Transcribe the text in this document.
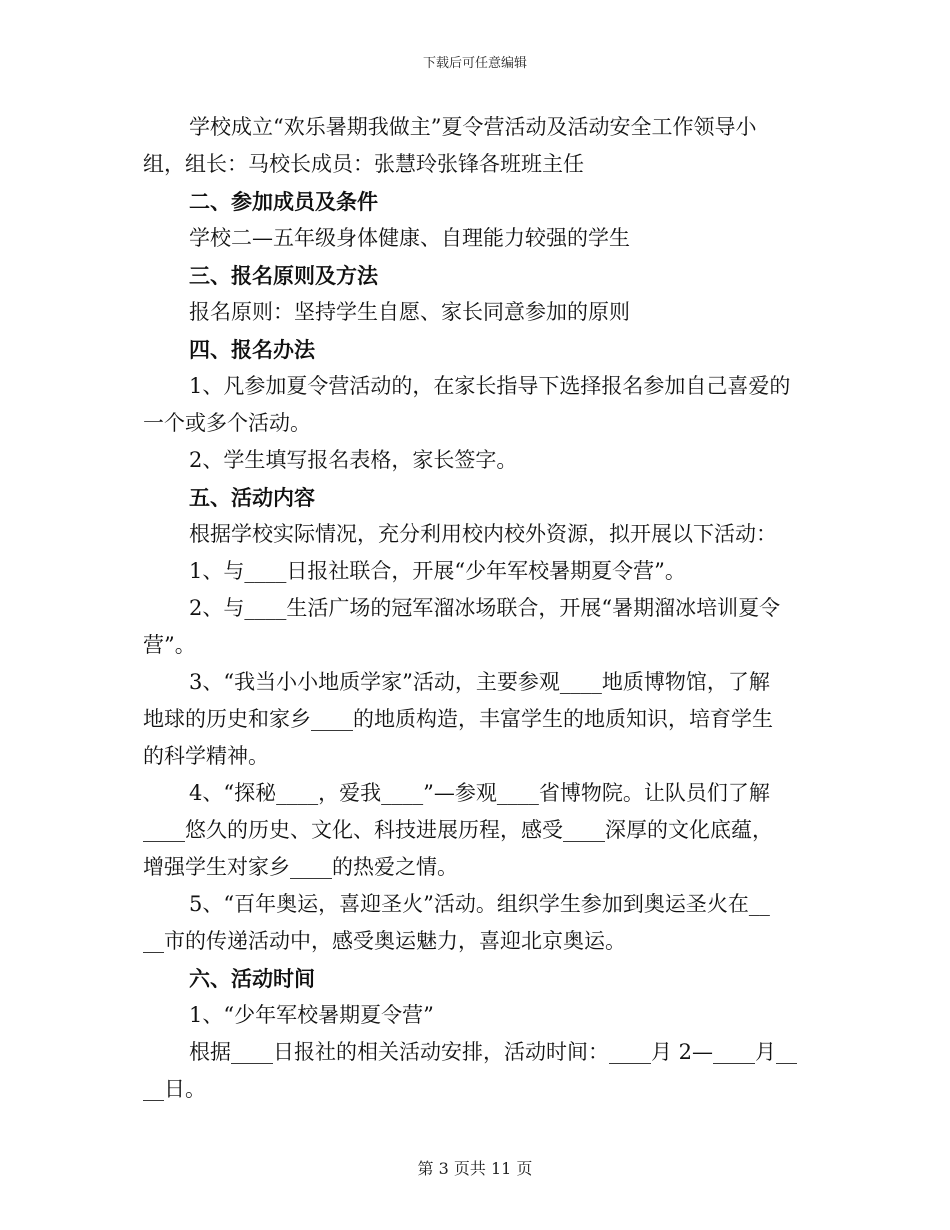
下载后可任意编辑
学校成立“欢乐暑期我做主”夏令营活动及活动安全工作领导小
组，组长：马校长成员：张慧玲张锋各班班主任
二、参加成员及条件
学校二—五年级身体健康、自理能力较强的学生
三、报名原则及方法
报名原则：坚持学生自愿、家长同意参加的原则
四、报名办法
1、凡参加夏令营活动的，在家长指导下选择报名参加自己喜爱的
一个或多个活动。
2、学生填写报名表格，家长签字。
五、活动内容
根据学校实际情况，充分利用校内校外资源，拟开展以下活动：
1、与____日报社联合，开展“少年军校暑期夏令营”。
2、与____生活广场的冠军溜冰场联合，开展“暑期溜冰培训夏令
营”。
3、“我当小小地质学家”活动，主要参观____地质博物馆，了解
地球的历史和家乡____的地质构造，丰富学生的地质知识，培育学生
的科学精神。
4、“探秘____，爱我____”—参观____省博物院。让队员们了解
____悠久的历史、文化、科技进展历程，感受____深厚的文化底蕴，
增强学生对家乡____的热爱之情。
5、“百年奥运，喜迎圣火”活动。组织学生参加到奥运圣火在__
__市的传递活动中，感受奥运魅力，喜迎北京奥运。
六、活动时间
1、“少年军校暑期夏令营”
根据____日报社的相关活动安排，活动时间：____月 2—____月__
__日。
第 3 页共 11 页
